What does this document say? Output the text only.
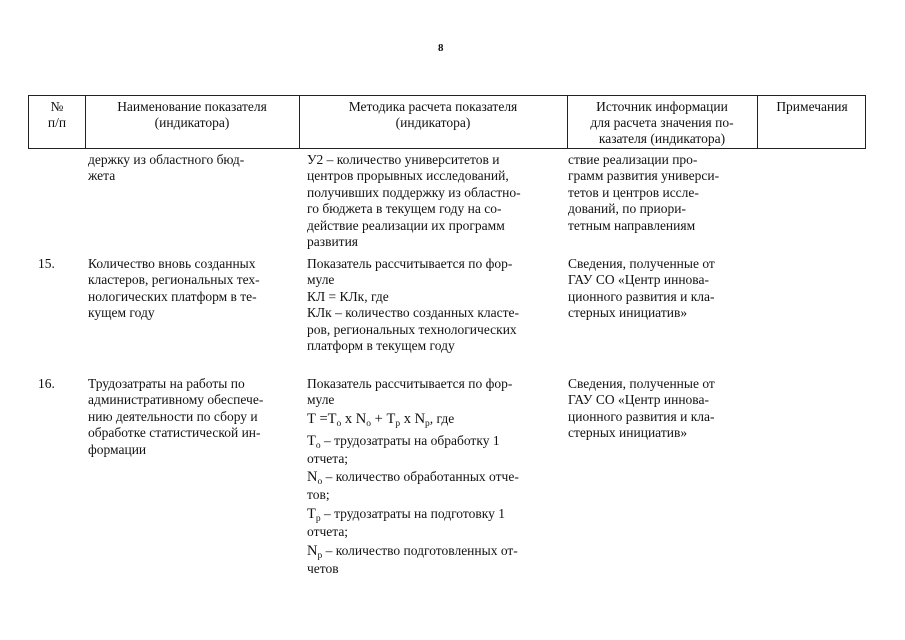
8
№
п/п
Наименование показателя
(индикатора)
Методика расчета показателя
(индикатора)
Источник информации
для расчета значения по-
казателя (индикатора)
Примечания
держку из областного бюд-
жета
У2 – количество университетов и
центров прорывных исследований,
получивших поддержку из областно-
го бюджета в текущем году на со-
действие реализации их программ
развития
ствие реализации про-
грамм развития универси-
тетов и центров иссле-
дований, по приори-
тетным направлениям
15. Количество вновь созданных
кластеров, региональных тех-
нологических платформ в те-
кущем году
Показатель рассчитывается по фор-
муле
КЛ = КЛк, где
КЛк – количество созданных класте-
ров, региональных технологических
платформ в текущем году
Сведения, полученные от
ГАУ СО «Центр иннова-
ционного развития и кла-
стерных инициатив»
16. Трудозатраты на работы по
административному обеспече-
нию деятельности по сбору и
обработке статистической ин-
формации
Показатель рассчитывается по фор-
муле
$Т =Т_о$ x $N_о + Т_р$ x $N_р$, где
$Т_о$ – трудозатраты на обработку 1
отчета;
$N_о$ – количество обработанных отче-
тов;
$Т_р$ – трудозатраты на подготовку 1
отчета;
$N_р$ – количество подготовленных от-
четов
Сведения, полученные от
ГАУ СО «Центр иннова-
ционного развития и кла-
стерных инициатив»
